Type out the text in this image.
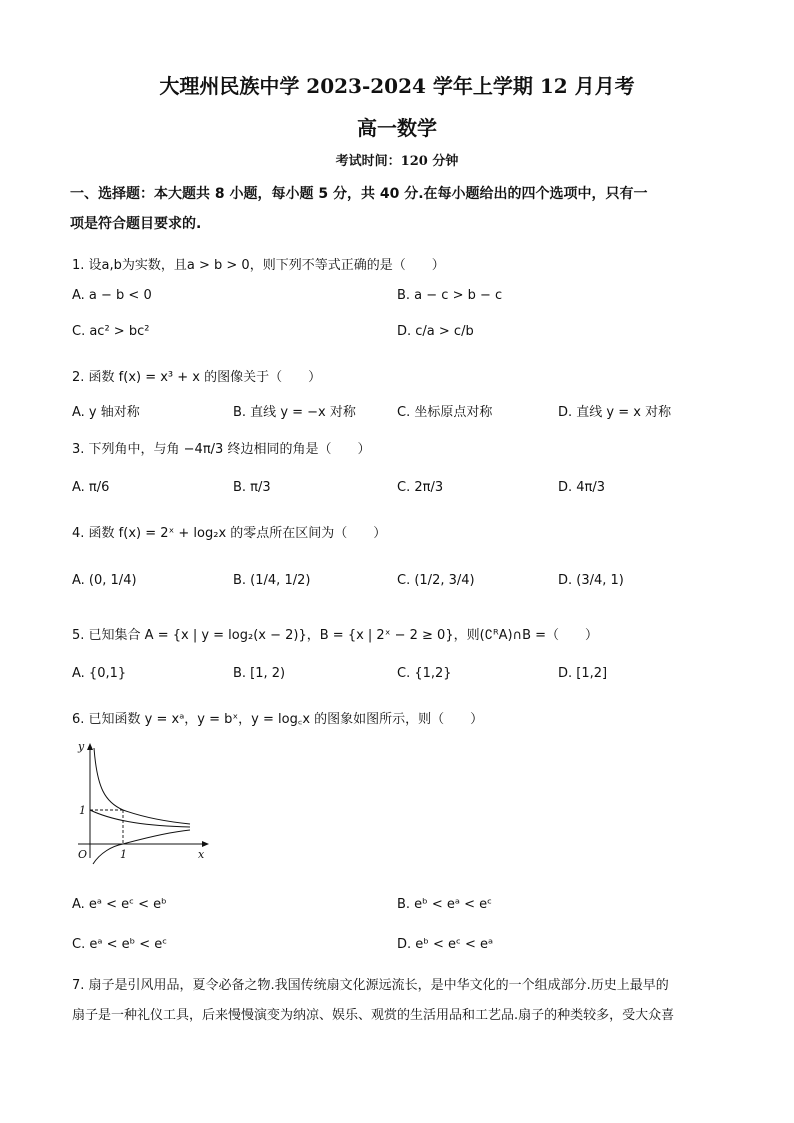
大理州民族中学 2023-2024 学年上学期 12 月月考
高一数学
考试时间：120 分钟
一、选择题：本大题共 8 小题，每小题 5 分，共 40 分.在每小题给出的四个选项中，只有一
项是符合题目要求的.
1. 设a,b为实数，且a > b > 0，则下列不等式正确的是（　　）
A. a − b < 0	B. a − c > b − c
C. ac² > bc²	D. c/a > c/b
2. 函数 f(x) = x³ + x 的图像关于（　　）
A. y 轴对称	B. 直线 y = −x 对称	C. 坐标原点对称	D. 直线 y = x 对称
3. 下列角中，与角 −4π/3 终边相同的角是（　　）
A. π/6	B. π/3	C. 2π/3	D. 4π/3
4. 函数 f(x) = 2ˣ + log₂x 的零点所在区间为（　　）
A. (0, 1/4)	B. (1/4, 1/2)	C. (1/2, 3/4)	D. (3/4, 1)
5. 已知集合 A = {x | y = log₂(x − 2)}，B = {x | 2ˣ − 2 ≥ 0}，则(∁ᴿA)∩B =（　　）
A. {0,1}	B. [1, 2)	C. {1,2}	D. [1,2]
6. 已知函数 y = xᵃ，y = bˣ，y = log꜀x 的图象如图所示，则（　　）
y
x
O
1
1
A. eᵃ < eᶜ < eᵇ	B. eᵇ < eᵃ < eᶜ
C. eᵃ < eᵇ < eᶜ	D. eᵇ < eᶜ < eᵃ
7. 扇子是引风用品，夏令必备之物.我国传统扇文化源远流长，是中华文化的一个组成部分.历史上最早的
扇子是一种礼仪工具，后来慢慢演变为纳凉、娱乐、观赏的生活用品和工艺品.扇子的种类较多，受大众喜
